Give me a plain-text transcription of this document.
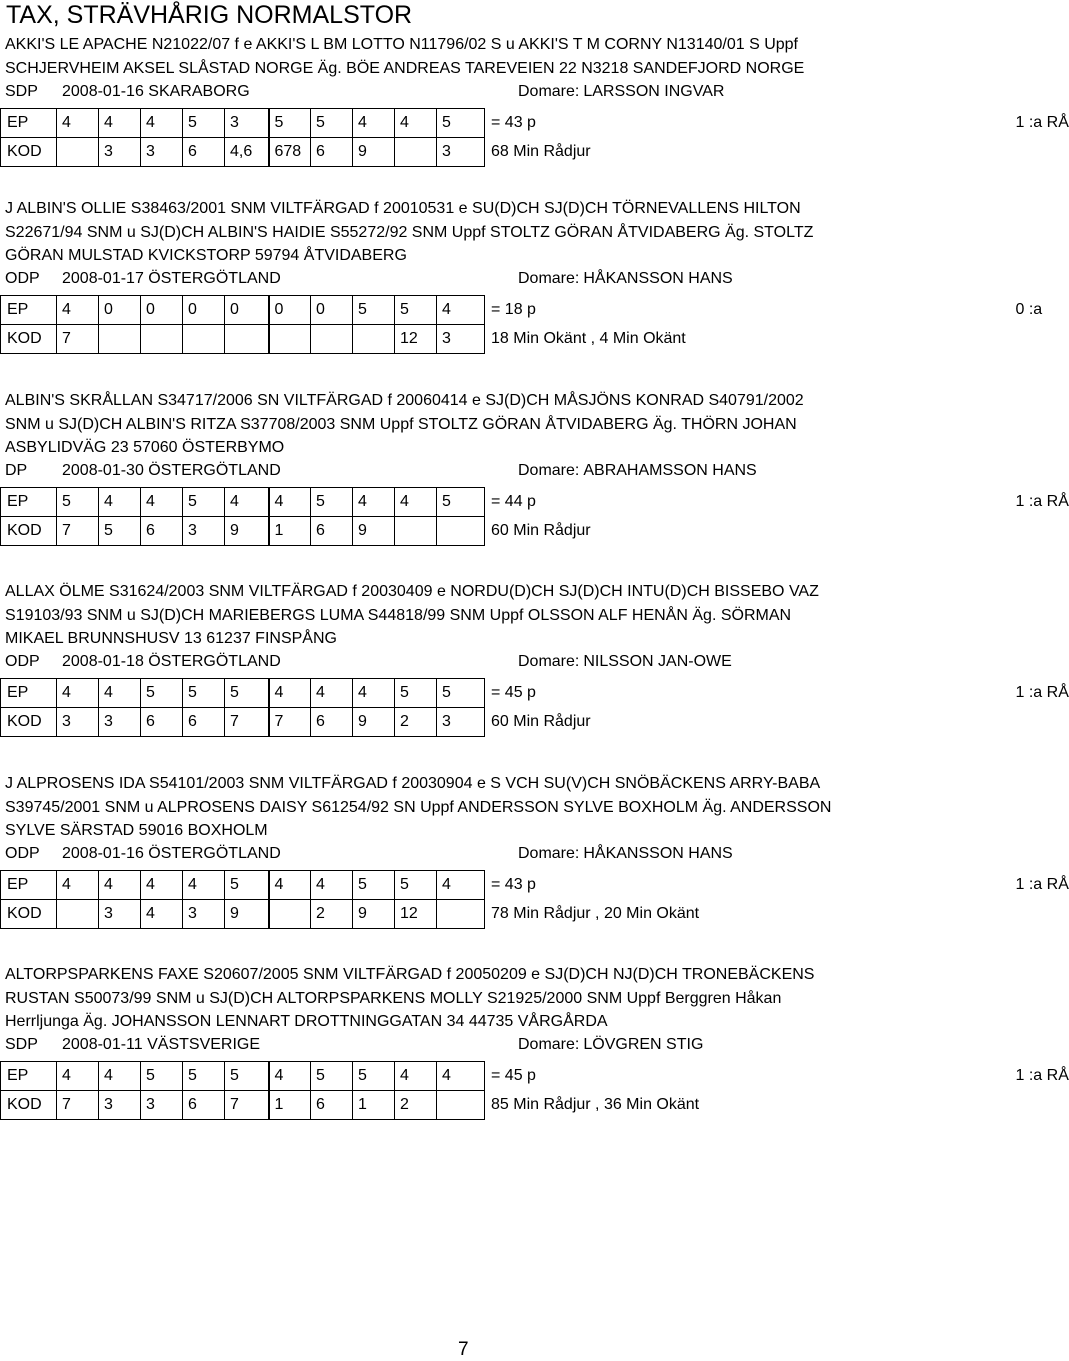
TAX, STRÄVHÅRIG NORMALSTOR
AKKI'S LE APACHE N21022/07 f e AKKI'S L BM LOTTO N11796/02 S u AKKI'S T M CORNY N13140/01 S Uppf
SCHJERVHEIM AKSEL SLÅSTAD NORGE Äg. BÖE ANDREAS TAREVEIEN 22 N3218 SANDEFJORD NORGE
SDP 2008-01-16 SKARABORG	Domare: LARSSON INGVAR
EP	4	4	4	5	3	5	5	4	4	5	= 43 p	1 :a RÅ
KOD		3	3	6	4,6	678	6	9		3	68 Min Rådjur	
J ALBIN'S OLLIE S38463/2001 SNM VILTFÄRGAD f 20010531 e SU(D)CH SJ(D)CH TÖRNEVALLENS HILTON
S22671/94 SNM u SJ(D)CH ALBIN'S HAIDIE S55272/92 SNM Uppf STOLTZ GÖRAN ÅTVIDABERG Äg. STOLTZ
GÖRAN MULSTAD KVICKSTORP 59794 ÅTVIDABERG
ODP 2008-01-17 ÖSTERGÖTLAND	Domare: HÅKANSSON HANS
EP	4	0	0	0	0	0	0	5	5	4	= 18 p	0 :a
KOD	7								12	3	18 Min Okänt , 4 Min Okänt	
ALBIN'S SKRÅLLAN S34717/2006 SN VILTFÄRGAD f 20060414 e SJ(D)CH MÅSJÖNS KONRAD S40791/2002
SNM u SJ(D)CH ALBIN'S RITZA S37708/2003 SNM Uppf STOLTZ GÖRAN ÅTVIDABERG Äg. THÖRN JOHAN
ASBYLIDVÄG 23 57060 ÖSTERBYMO
DP 2008-01-30 ÖSTERGÖTLAND	Domare: ABRAHAMSSON HANS
EP	5	4	4	5	4	4	5	4	4	5	= 44 p	1 :a RÅ
KOD	7	5	6	3	9	1	6	9			60 Min Rådjur	
ALLAX ÖLME S31624/2003 SNM VILTFÄRGAD f 20030409 e NORDU(D)CH SJ(D)CH INTU(D)CH BISSEBO VAZ
S19103/93 SNM u SJ(D)CH MARIEBERGS LUMA S44818/99 SNM Uppf OLSSON ALF HENÅN Äg. SÖRMAN
MIKAEL BRUNNSHUSV 13 61237 FINSPÅNG
ODP 2008-01-18 ÖSTERGÖTLAND	Domare: NILSSON JAN-OWE
EP	4	4	5	5	5	4	4	4	5	5	= 45 p	1 :a RÅ
KOD	3	3	6	6	7	7	6	9	2	3	60 Min Rådjur	
J ALPROSENS IDA S54101/2003 SNM VILTFÄRGAD f 20030904 e S VCH SU(V)CH SNÖBÄCKENS ARRY-BABA
S39745/2001 SNM u ALPROSENS DAISY S61254/92 SN Uppf ANDERSSON SYLVE BOXHOLM Äg. ANDERSSON
SYLVE SÄRSTAD 59016 BOXHOLM
ODP 2008-01-16 ÖSTERGÖTLAND	Domare: HÅKANSSON HANS
EP	4	4	4	4	5	4	4	5	5	4	= 43 p	1 :a RÅ
KOD		3	4	3	9		2	9	12		78 Min Rådjur , 20 Min Okänt	
ALTORPSPARKENS FAXE S20607/2005 SNM VILTFÄRGAD f 20050209 e SJ(D)CH NJ(D)CH TRONEBÄCKENS
RUSTAN S50073/99 SNM u SJ(D)CH ALTORPSPARKENS MOLLY S21925/2000 SNM Uppf Berggren Håkan
Herrljunga Äg. JOHANSSON LENNART DROTTNINGGATAN 34 44735 VÅRGÅRDA
SDP 2008-01-11 VÄSTSVERIGE	Domare: LÖVGREN STIG
EP	4	4	5	5	5	4	5	5	4	4	= 45 p	1 :a RÅ
KOD	7	3	3	6	7	1	6	1	2		85 Min Rådjur , 36 Min Okänt	
7
